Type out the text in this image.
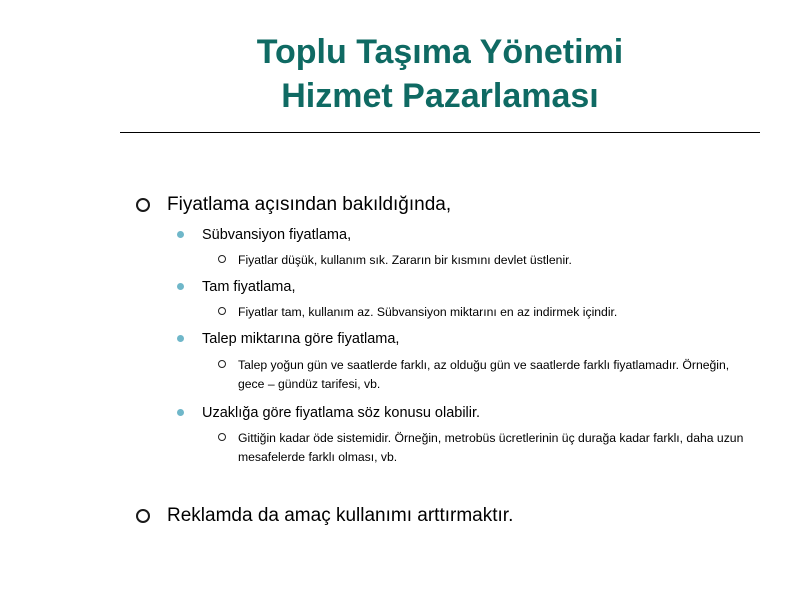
Toplu Taşıma Yönetimi
Hizmet Pazarlaması
Fiyatlama açısından bakıldığında,
Sübvansiyon fiyatlama,
Fiyatlar düşük, kullanım sık. Zararın bir kısmını devlet üstlenir.
Tam fiyatlama,
Fiyatlar tam, kullanım az. Sübvansiyon miktarını en az indirmek içindir.
Talep miktarına göre fiyatlama,
Talep yoğun gün ve saatlerde farklı, az olduğu gün ve saatlerde farklı fiyatlamadır. Örneğin, gece – gündüz tarifesi, vb.
Uzaklığa göre fiyatlama söz konusu olabilir.
Gittiğin kadar öde sistemidir. Örneğin, metrobüs ücretlerinin üç durağa kadar farklı, daha uzun mesafelerde farklı olması, vb.
Reklamda da amaç kullanımı arttırmaktır.
